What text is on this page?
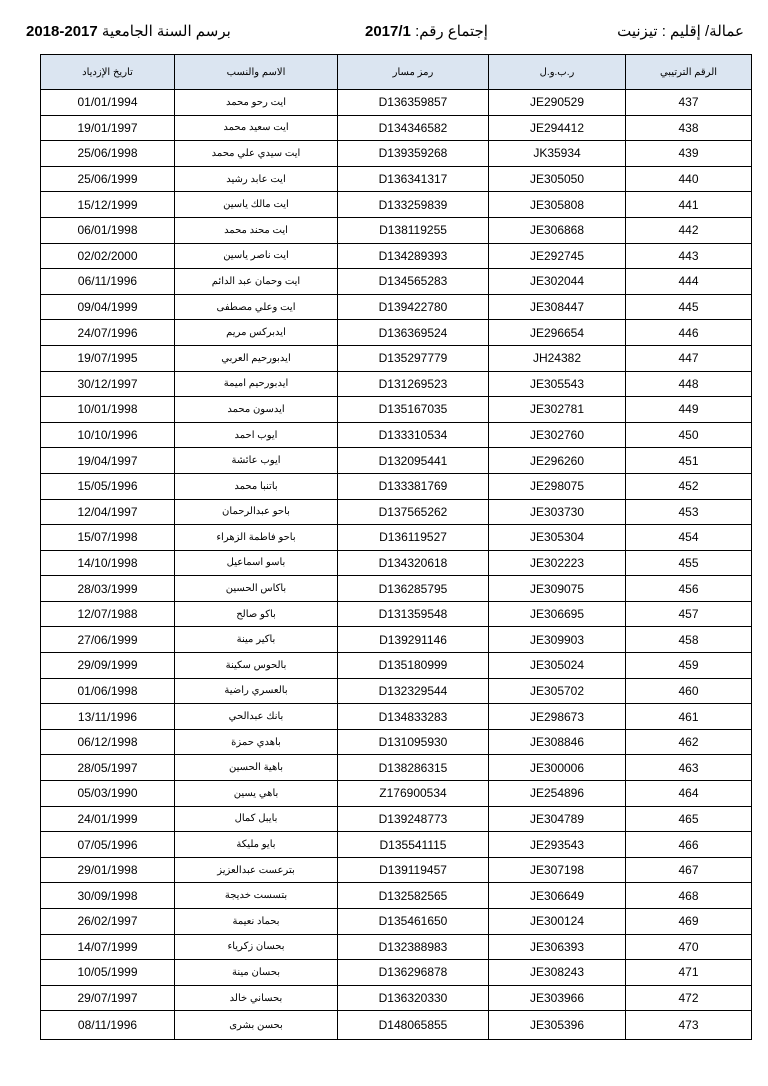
برسم السنة الجامعية 2017-2018	إجتماع رقم: 2017/1	عمالة/ إقليم : تيزنيت
تاريخ الإزدياد	الاسم والنسب	رمز مسار	ر.ب.و.ل	الرقم الترتيبي
01/01/1994	ايت رحو محمد	D136359857	JE290529	437
19/01/1997	ايت سعيد محمد	D134346582	JE294412	438
25/06/1998	ايت سيدي علي محمد	D139359268	JK35934	439
25/06/1999	ايت عابد رشيد	D136341317	JE305050	440
15/12/1999	ايت مالك ياسين	D133259839	JE305808	441
06/01/1998	ايت محند محمد	D138119255	JE306868	442
02/02/2000	ايت ناصر ياسين	D134289393	JE292745	443
06/11/1996	ايت وحمان عبد الدائم	D134565283	JE302044	444
09/04/1999	ايت وعلي مصطفى	D139422780	JE308447	445
24/07/1996	ايدبركس مريم	D136369524	JE296654	446
19/07/1995	ايدبورحيم العربي	D135297779	JH24382	447
30/12/1997	ايدبورحيم اميمة	D131269523	JE305543	448
10/01/1998	ايدسون محمد	D135167035	JE302781	449
10/10/1996	ايوب احمد	D133310534	JE302760	450
19/04/1997	ايوب عائشة	D132095441	JE296260	451
15/05/1996	باتنبا محمد	D133381769	JE298075	452
12/04/1997	باحو عبدالرحمان	D137565262	JE303730	453
15/07/1998	باحو فاطمة الزهراء	D136119527	JE305304	454
14/10/1998	باسو اسماعيل	D134320618	JE302223	455
28/03/1999	باكاس الحسين	D136285795	JE309075	456
12/07/1988	باكو صالح	D131359548	JE306695	457
27/06/1999	باكير مينة	D139291146	JE309903	458
29/09/1999	بالحوس سكينة	D135180999	JE305024	459
01/06/1998	بالعسري راضية	D132329544	JE305702	460
13/11/1996	بانك عبدالحي	D134833283	JE298673	461
06/12/1998	باهدي حمزة	D131095930	JE308846	462
28/05/1997	باهية الحسين	D138286315	JE300006	463
05/03/1990	باهي يسين	Z176900534	JE254896	464
24/01/1999	بايبل كمال	D139248773	JE304789	465
07/05/1996	بايو مليكة	D135541115	JE293543	466
29/01/1998	بترعست عبدالعزيز	D139119457	JE307198	467
30/09/1998	بتسست خديجة	D132582565	JE306649	468
26/02/1997	بحماد نعيمة	D135461650	JE300124	469
14/07/1999	بحسان زكرياء	D132388983	JE306393	470
10/05/1999	بحسان مينة	D136296878	JE308243	471
29/07/1997	بحساني خالد	D136320330	JE303966	472
08/11/1996	بحسن بشرى	D148065855	JE305396	473
